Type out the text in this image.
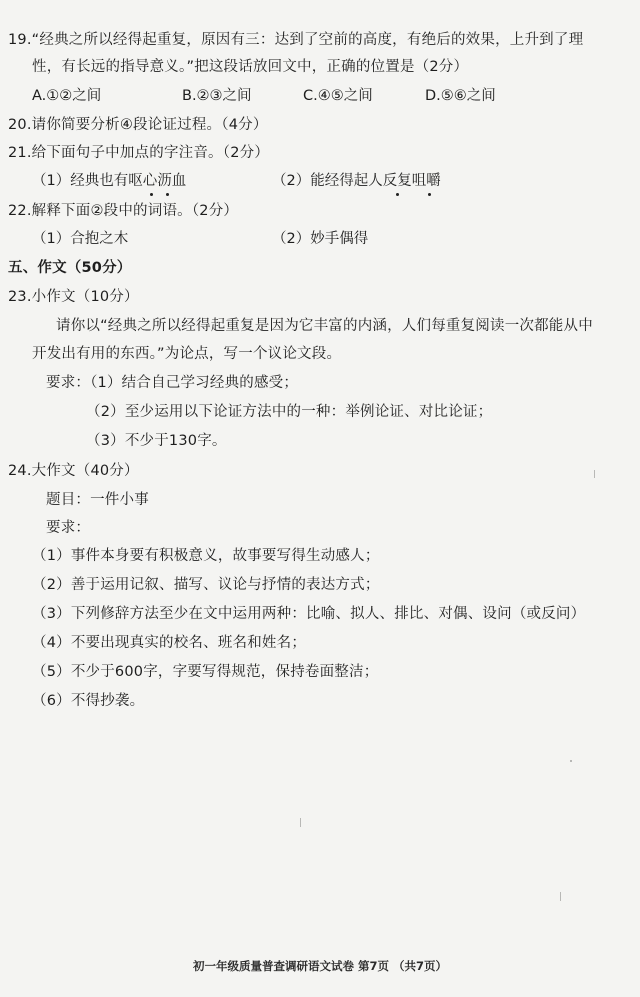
19.“经典之所以经得起重复，原因有三：达到了空前的高度，有绝后的效果，上升到了理
性，有长远的指导意义。”把这段话放回文中，正确的位置是（2分）
A.①②之间	B.②③之间	C.④⑤之间	D.⑤⑥之间
20.请你简要分析④段论证过程。（4分）
21.给下面句子中加点的字注音。（2分）
（1）经典也有呕心沥血	（2）能经得起人反复咀嚼
22.解释下面②段中的词语。（2分）
（1）合抱之木	（2）妙手偶得
五、作文（50分）
23.小作文（10分）
请你以“经典之所以经得起重复是因为它丰富的内涵，人们每重复阅读一次都能从中
开发出有用的东西。”为论点，写一个议论文段。
要求：（1）结合自己学习经典的感受；
（2）至少运用以下论证方法中的一种：举例论证、对比论证；
（3）不少于130字。
24.大作文（40分）
题目：一件小事
要求：
（1）事件本身要有积极意义，故事要写得生动感人；
（2）善于运用记叙、描写、议论与抒情的表达方式；
（3）下列修辞方法至少在文中运用两种：比喻、拟人、排比、对偶、设问（或反问）
（4）不要出现真实的校名、班名和姓名；
（5）不少于600字，字要写得规范，保持卷面整洁；
（6）不得抄袭。
初一年级质量普查调研语文试卷 第7页 （共7页）
